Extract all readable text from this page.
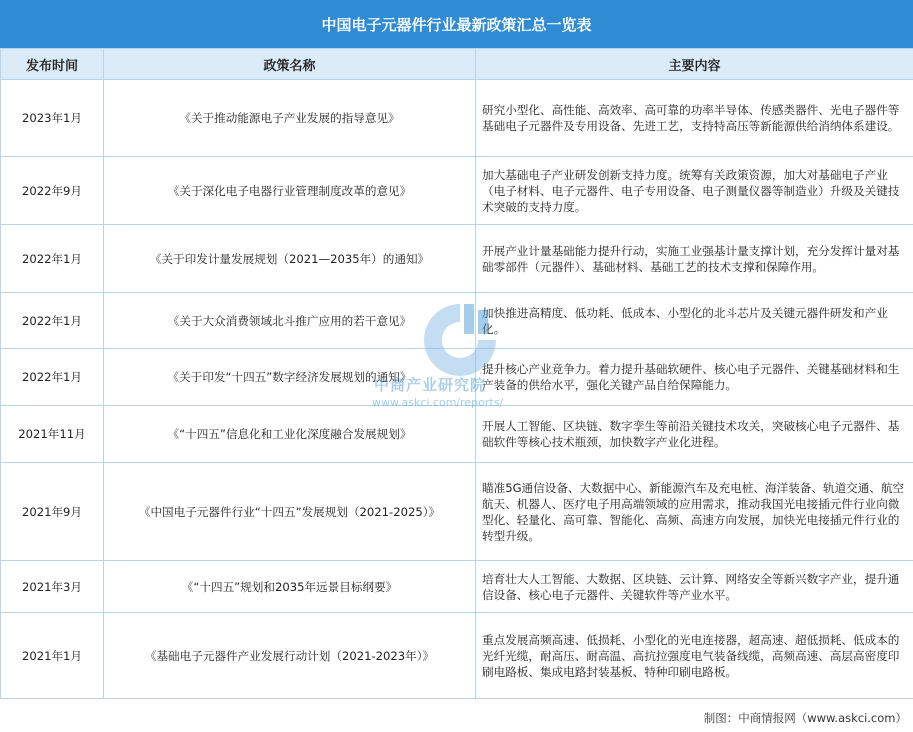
中国电子元器件行业最新政策汇总一览表
发布时间	政策名称	主要内容
2023年1月	《关于推动能源电子产业发展的指导意见》	研究小型化、高性能、高效率、高可靠的功率半导体、传感类器件、光电子器件等基础电子元器件及专用设备、先进工艺，支持特高压等新能源供给消纳体系建设。
2022年9月	《关于深化电子电器行业管理制度改革的意见》	加大基础电子产业研发创新支持力度。统筹有关政策资源，加大对基础电子产业（电子材料、电子元器件、电子专用设备、电子测量仪器等制造业）升级及关键技术突破的支持力度。
2022年1月	《关于印发计量发展规划（2021—2035年）的通知》	开展产业计量基础能力提升行动，实施工业强基计量支撑计划，充分发挥计量对基础零部件（元器件）、基础材料、基础工艺的技术支撑和保障作用。
2022年1月	《关于大众消费领域北斗推广应用的若干意见》	加快推进高精度、低功耗、低成本、小型化的北斗芯片及关键元器件研发和产业化。
2022年1月	《关于印发“十四五”数字经济发展规划的通知》	提升核心产业竞争力。着力提升基础软硬件、核心电子元器件、关键基础材料和生产装备的供给水平，强化关键产品自给保障能力。
2021年11月	《“十四五”信息化和工业化深度融合发展规划》	开展人工智能、区块链、数字孪生等前沿关键技术攻关，突破核心电子元器件、基础软件等核心技术瓶颈，加快数字产业化进程。
2021年9月	《中国电子元器件行业“十四五”发展规划（2021-2025）》	瞄准5G通信设备、大数据中心、新能源汽车及充电桩、海洋装备、轨道交通、航空航天、机器人、医疗电子用高端领域的应用需求，推动我国光电接插元件行业向微型化、轻量化、高可靠、智能化、高频、高速方向发展，加快光电接插元件行业的转型升级。
2021年3月	《“十四五”规划和2035年远景目标纲要》	培育壮大人工智能、大数据、区块链、云计算、网络安全等新兴数字产业，提升通信设备、核心电子元器件、关键软件等产业水平。
2021年1月	《基础电子元器件产业发展行动计划（2021-2023年）》	重点发展高频高速、低损耗、小型化的光电连接器，超高速、超低损耗、低成本的光纤光缆，耐高压、耐高温、高抗拉强度电气装备线缆，高频高速、高层高密度印刷电路板、集成电路封装基板、特种印刷电路板。
中商产业研究院
www.askci.com/reports/
制图：中商情报网（www.askci.com）
